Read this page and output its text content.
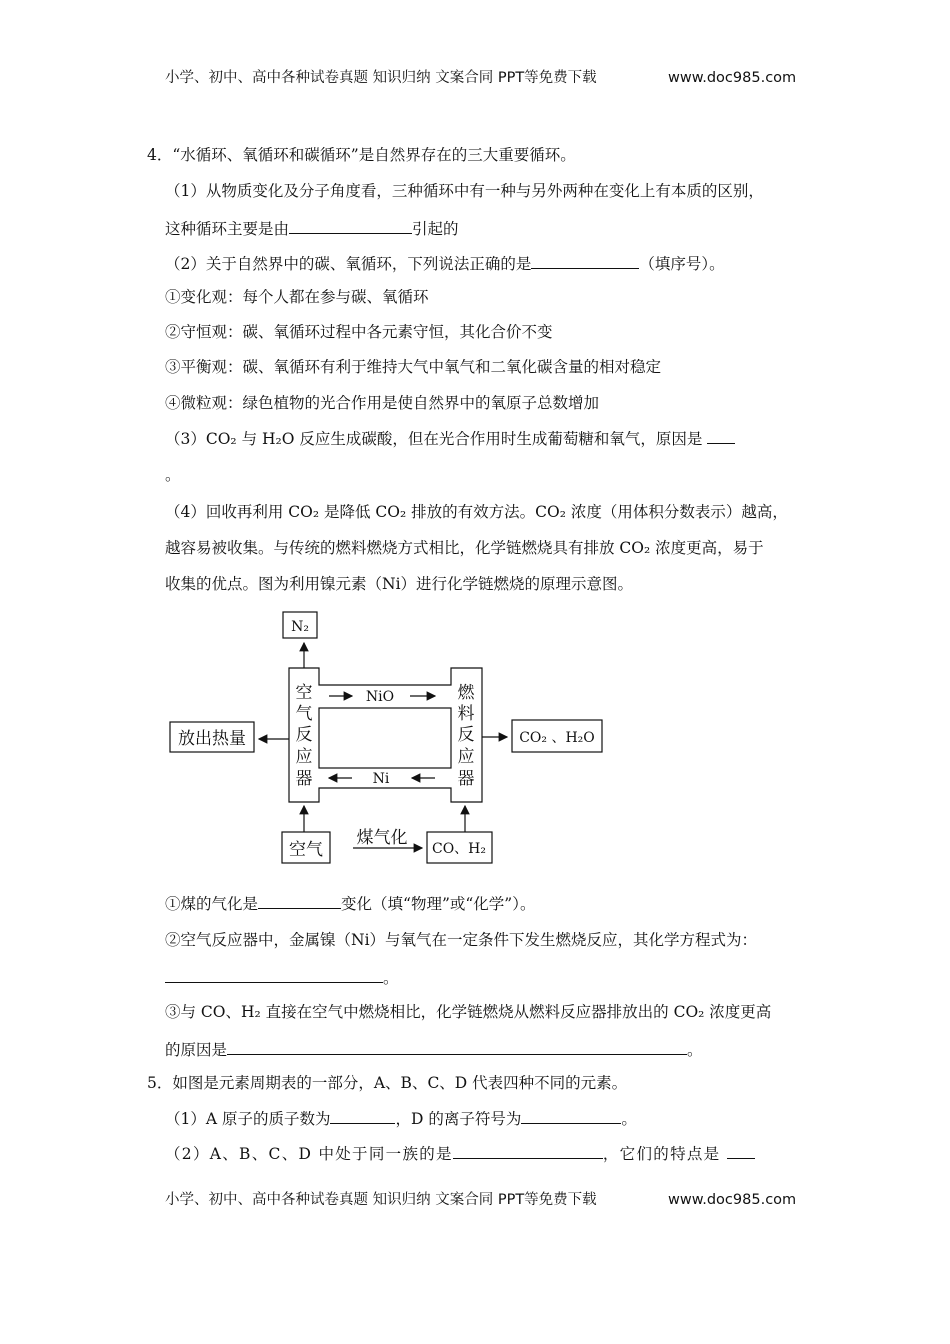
小学、初中、高中各种试卷真题 知识归纳 文案合同 PPT等免费下载	www.doc985.com
4．“水循环、氧循环和碳循环”是自然界存在的三大重要循环。
（1）从物质变化及分子角度看，三种循环中有一种与另外两种在变化上有本质的区别，
这种循环主要是由	引起的
（2）关于自然界中的碳、氧循环，下列说法正确的是	（填序号）。
①变化观：每个人都在参与碳、氧循环
②守恒观：碳、氧循环过程中各元素守恒，其化合价不变
③平衡观：碳、氧循环有利于维持大气中氧气和二氧化碳含量的相对稳定
④微粒观：绿色植物的光合作用是使自然界中的氧原子总数增加
（3）CO₂ 与 H₂O 反应生成碳酸，但在光合作用时生成葡萄糖和氧气，原因是
。
（4）回收再利用 CO₂ 是降低 CO₂ 排放的有效方法。CO₂ 浓度（用体积分数表示）越高，
越容易被收集。与传统的燃料燃烧方式相比，化学链燃烧具有排放 CO₂ 浓度更高，易于
收集的优点。图为利用镍元素（Ni）进行化学链燃烧的原理示意图。
N₂
NiO
Ni
空
气
反
应
器
燃
料
反
应
器
放出热量
空气
煤气化
CO₂ 、H₂O
CO、H₂
①煤的气化是	变化（填“物理”或“化学”）。
②空气反应器中，金属镍（Ni）与氧气在一定条件下发生燃烧反应，其化学方程式为：
。
③与 CO、H₂ 直接在空气中燃烧相比，化学链燃烧从燃料反应器排放出的 CO₂ 浓度更高
的原因是	。
5．如图是元素周期表的一部分，A、B、C、D 代表四种不同的元素。
（1）A 原子的质子数为	，D 的离子符号为	。
（2）A、B、C、D 中处于同一族的是	，它们的特点是
小学、初中、高中各种试卷真题 知识归纳 文案合同 PPT等免费下载	www.doc985.com
